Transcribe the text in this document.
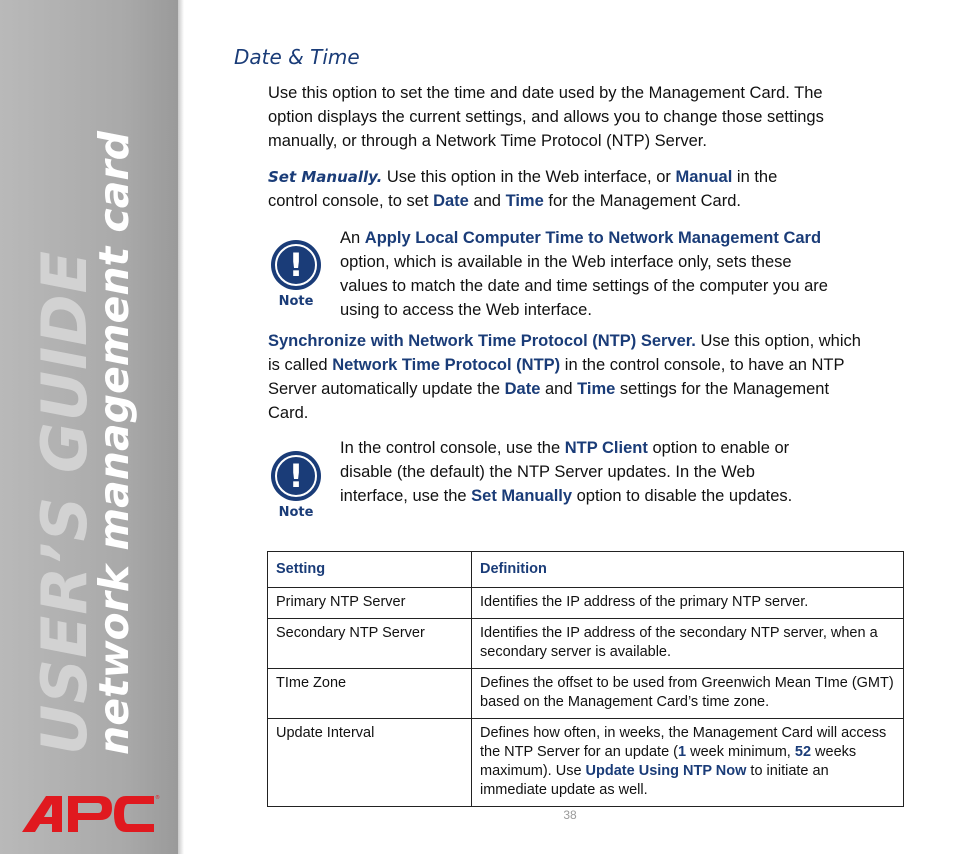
USER’S GUIDE
network management card
®
Date & Time
Use this option to set the time and date used by the Management Card. The option displays the current settings, and allows you to change those settings manually, or through a Network Time Protocol (NTP) Server.
Set Manually. Use this option in the Web interface, or Manual in the control console, to set Date and Time for the Management Card.
!
Note
An Apply Local Computer Time to Network Management Card option, which is available in the Web interface only, sets these values to match the date and time settings of the computer you are using to access the Web interface.
Synchronize with Network Time Protocol (NTP) Server. Use this option, which is called Network Time Protocol (NTP) in the control console, to have an NTP Server automatically update the Date and Time settings for the Management Card.
!
Note
In the control console, use the NTP Client option to enable or disable (the default) the NTP Server updates. In the Web interface, use the Set Manually option to disable the updates.
Setting	Definition
Primary NTP Server	Identifies the IP address of the primary NTP server.
Secondary NTP Server	Identifies the IP address of the secondary NTP server, when a secondary server is available.
TIme Zone	Defines the offset to be used from Greenwich Mean TIme (GMT) based on the Management Card’s time zone.
Update Interval	Defines how often, in weeks, the Management Card will access the NTP Server for an update (1 week minimum, 52 weeks maximum). Use Update Using NTP Now to initiate an immediate update as well.
38
